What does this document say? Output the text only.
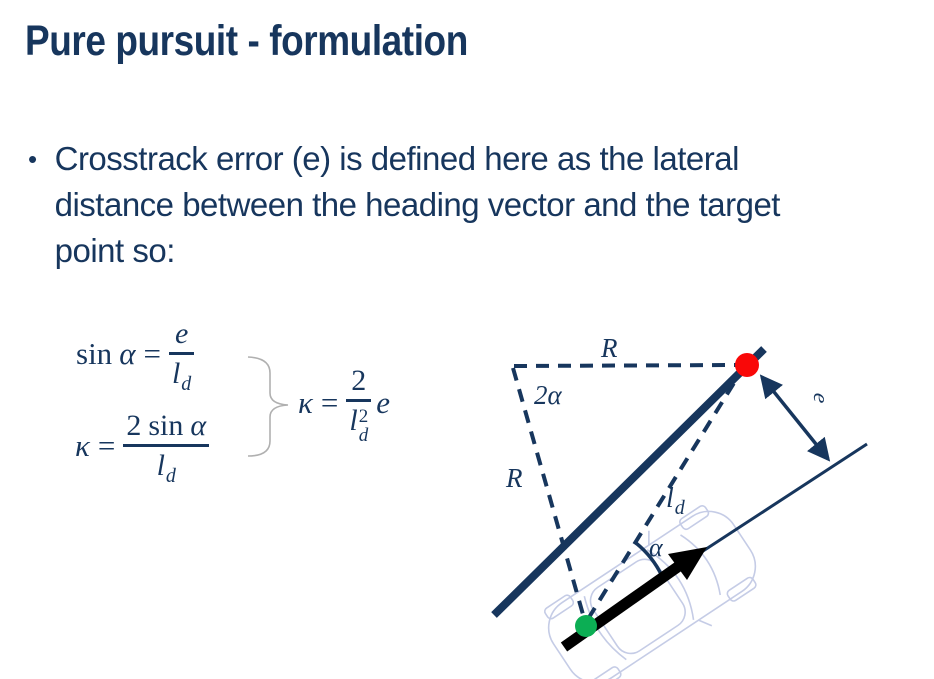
Pure pursuit - formulation
• Crosstrack error (e) is defined here as the lateral
distance between the heading vector and the target
point so:
$\sin \alpha = \frac{e}{ld}$
$\kappa = \frac{\text{2 sin α}}{ld}$
κ = 2
l 2
d e
R
2α
R
$l_d$
α
e
